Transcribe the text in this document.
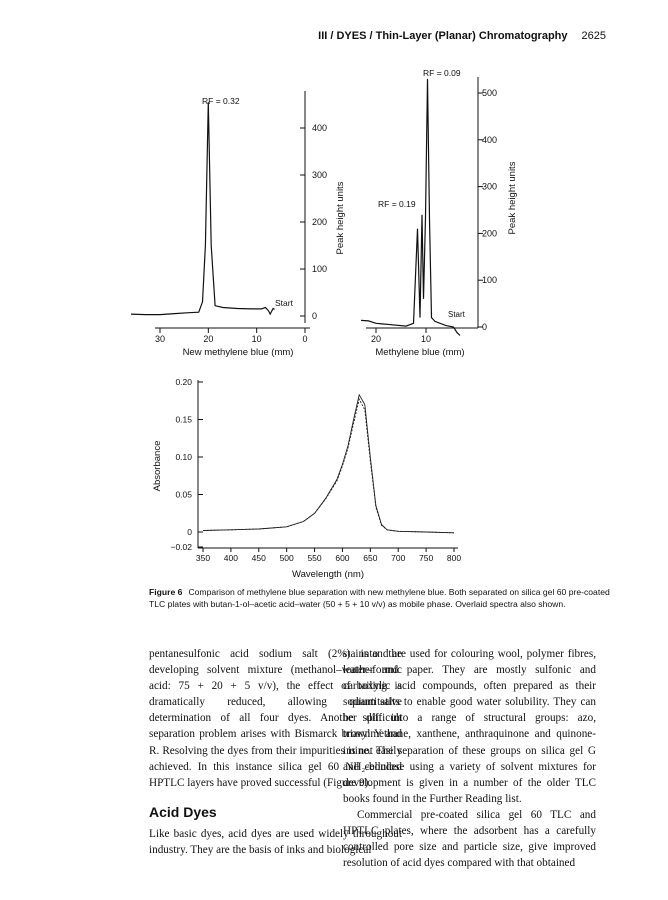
III / DYES / Thin-Layer (Planar) Chromatography 2625
30	20	10	0
0
100
200
300
400
RF = 0.32
Start
New methylene blue (mm)
Peak height units
20	10
0
100
200
300
400
500
RF = 0.09
RF = 0.19
Start
Methylene blue (mm)
Peak height units
350 400 450 500 550 600 650 700 750 800
−0.02
0
0.05
0.10
0.15
0.20
Wavelength (nm)
Absorbance
Figure 6 Comparison of methylene blue separation with new methylene blue. Both separated on silica gel 60 pre-coated TLC plates with butan-1-ol–acetic acid–water (50 + 5 + 10 v/v) as mobile phase. Overlaid spectra also shown.

pentanesulfonic acid sodium salt (2%) into the developing solvent mixture (methanol–water–formic acid: 75 + 20 + 5 v/v), the effect of tailing is dramatically reduced, allowing quantitative determination of all four dyes. Another difficult separation problem arises with Bismarck brown Y and R. Resolving the dyes from their impurities is not easily achieved. In this instance silica gel 60 NH₂-bonded HPTLC layers have proved successful (Figure 9).

Acid Dyes

Like basic dyes, acid dyes are used widely throughout industry. They are the basis of inks and biological

stains and are used for colouring wool, polymer fibres, leather and paper. They are mostly sulfonic and carboxylic acid compounds, often prepared as their sodium salts to enable good water solubility. They can be split into a range of structural groups: azo, triarylmethane, xanthene, anthraquinone and quinone-imine. The separation of these groups on silica gel G and cellulose using a variety of solvent mixtures for development is given in a number of the older TLC books found in the Further Reading list.

Commercial pre-coated silica gel 60 TLC and HPTLC plates, where the adsorbent has a carefully controlled pore size and particle size, give improved resolution of acid dyes compared with that obtained
